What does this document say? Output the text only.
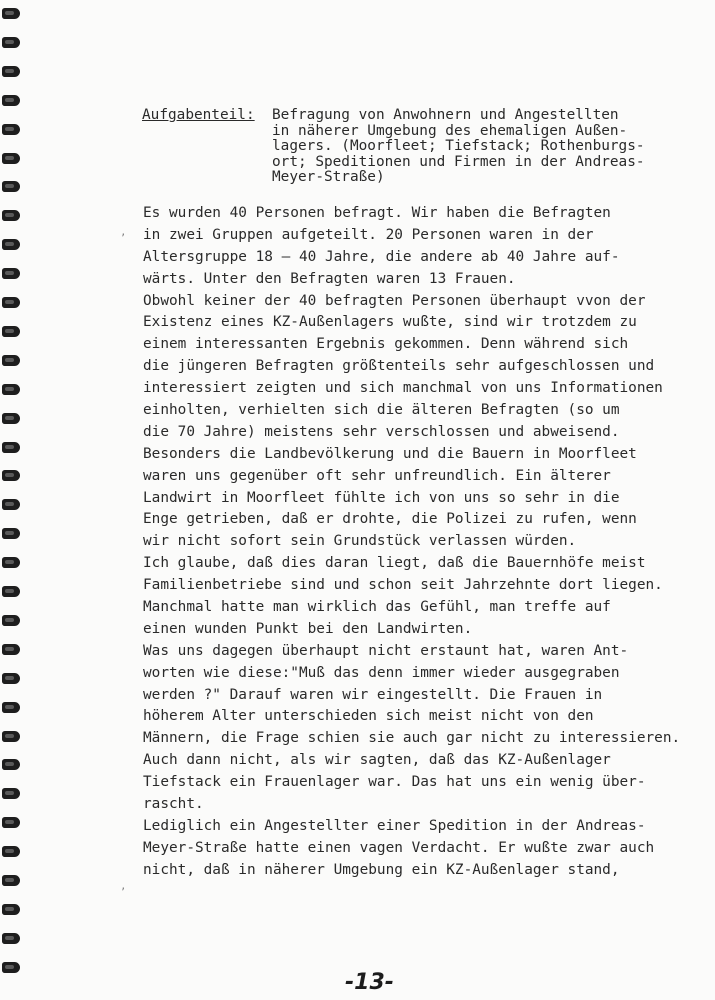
Aufgabenteil:	Befragung von Anwohnern und Angestellten
in näherer Umgebung des ehemaligen Außen-
lagers. (Moorfleet; Tiefstack; Rothenburgs-
ort; Speditionen und Firmen in der Andreas-
Meyer-Straße)
’
’
Es wurden 40 Personen befragt. Wir haben die Befragten
in zwei Gruppen aufgeteilt. 20 Personen waren in der
Altersgruppe 18 ‒ 40 Jahre, die andere ab 40 Jahre auf-
wärts. Unter den Befragten waren 13 Frauen.
Obwohl keiner der 40 befragten Personen überhaupt vvon der
Existenz eines KZ-Außenlagers wußte, sind wir trotzdem zu
einem interessanten Ergebnis gekommen. Denn während sich
die jüngeren Befragten größtenteils sehr aufgeschlossen und
interessiert zeigten und sich manchmal von uns Informationen
einholten, verhielten sich die älteren Befragten (so um
die 70 Jahre) meistens sehr verschlossen und abweisend.
Besonders die Landbevölkerung und die Bauern in Moorfleet
waren uns gegenüber oft sehr unfreundlich. Ein älterer
Landwirt in Moorfleet fühlte ich von uns so sehr in die
Enge getrieben, daß er drohte, die Polizei zu rufen, wenn
wir nicht sofort sein Grundstück verlassen würden.
Ich glaube, daß dies daran liegt, daß die Bauernhöfe meist
Familienbetriebe sind und schon seit Jahrzehnte dort liegen.
Manchmal hatte man wirklich das Gefühl, man treffe auf
einen wunden Punkt bei den Landwirten.
Was uns dagegen überhaupt nicht erstaunt hat, waren Ant-
worten wie diese:"Muß das denn immer wieder ausgegraben
werden ?" Darauf waren wir eingestellt. Die Frauen in
höherem Alter unterschieden sich meist nicht von den
Männern, die Frage schien sie auch gar nicht zu interessieren.
Auch dann nicht, als wir sagten, daß das KZ-Außenlager
Tiefstack ein Frauenlager war. Das hat uns ein wenig über-
rascht.
Lediglich ein Angestellter einer Spedition in der Andreas-
Meyer-Straße hatte einen vagen Verdacht. Er wußte zwar auch
nicht, daß in näherer Umgebung ein KZ-Außenlager stand,
-13-
